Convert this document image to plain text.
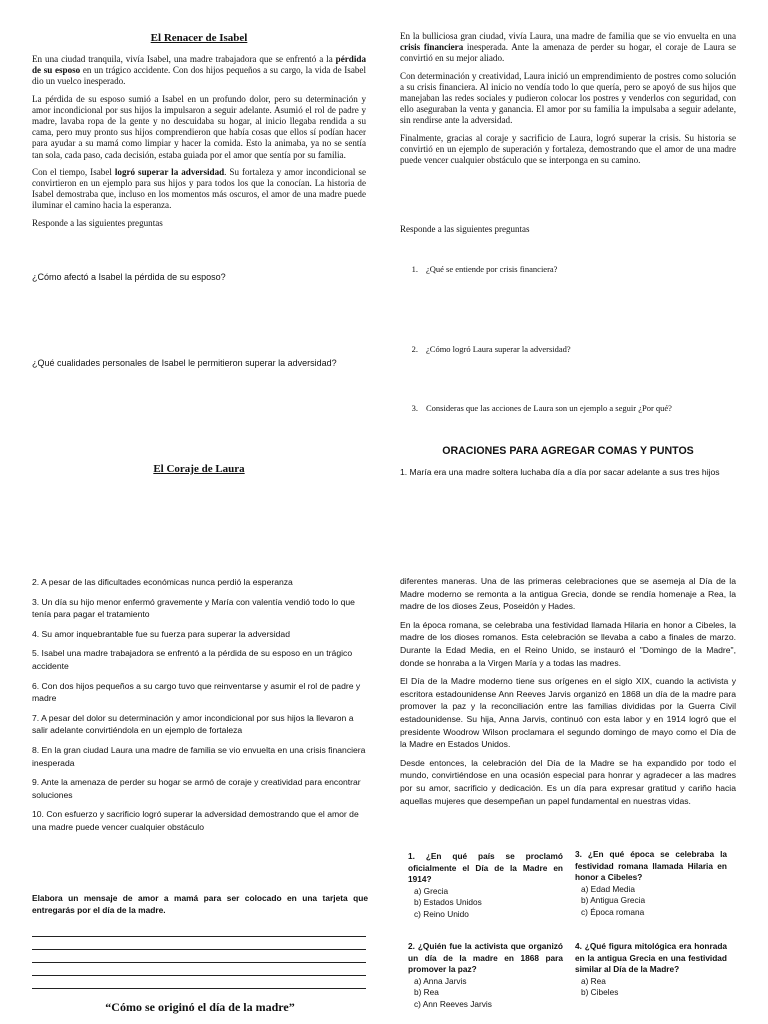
El Renacer de Isabel

En una ciudad tranquila, vivía Isabel, una madre trabajadora que se enfrentó a la pérdida de su esposo en un trágico accidente. Con dos hijos pequeños a su cargo, la vida de Isabel dio un vuelco inesperado.

La pérdida de su esposo sumió a Isabel en un profundo dolor, pero su determinación y amor incondicional por sus hijos la impulsaron a seguir adelante. Asumió el rol de padre y madre, lavaba ropa de la gente y no descuidaba su hogar, al inicio llegaba rendida a su cama, pero muy pronto sus hijos comprendieron que había cosas que ellos sí podían hacer para ayudar a su mamá como limpiar y hacer la comida. Esto la animaba, ya no se sentía tan sola, cada paso, cada decisión, estaba guiada por el amor que sentía por su familia.

Con el tiempo, Isabel logró superar la adversidad. Su fortaleza y amor incondicional se convirtieron en un ejemplo para sus hijos y para todos los que la conocían. La historia de Isabel demostraba que, incluso en los momentos más oscuros, el amor de una madre puede iluminar el camino hacia la esperanza.

Responde a las siguientes preguntas

¿Cómo afectó a Isabel la pérdida de su esposo?
¿Qué cualidades personales de Isabel le permitieron superar la adversidad?
El Coraje de Laura

En la bulliciosa gran ciudad, vivía Laura, una madre de familia que se vio envuelta en una crisis financiera inesperada. Ante la amenaza de perder su hogar, el coraje de Laura se convirtió en su mejor aliado.

Con determinación y creatividad, Laura inició un emprendimiento de postres como solución a su crisis financiera. Al inicio no vendía todo lo que quería, pero se apoyó de sus hijos que manejaban las redes sociales y pudieron colocar los postres y venderlos con seguridad, con ello aseguraban la venta y ganancia. El amor por su familia la impulsaba a seguir adelante, sin rendirse ante la adversidad.

Finalmente, gracias al coraje y sacrificio de Laura, logró superar la crisis. Su historia se convirtió en un ejemplo de superación y fortaleza, demostrando que el amor de una madre puede vencer cualquier obstáculo que se interponga en su camino.

Responde a las siguientes preguntas
1. ¿Qué se entiende por crisis financiera?
2. ¿Cómo logró Laura superar la adversidad?
3. Consideras que las acciones de Laura son un ejemplo a seguir ¿Por qué?
ORACIONES PARA AGREGAR COMAS Y PUNTOS
1. María era una madre soltera luchaba día a día por sacar adelante a sus tres hijos
2. A pesar de las dificultades económicas nunca perdió la esperanza
3. Un día su hijo menor enfermó gravemente y María con valentía vendió todo lo que tenía para pagar el tratamiento
4. Su amor inquebrantable fue su fuerza para superar la adversidad
5. Isabel una madre trabajadora se enfrentó a la pérdida de su esposo en un trágico accidente
6. Con dos hijos pequeños a su cargo tuvo que reinventarse y asumir el rol de padre y madre
7. A pesar del dolor su determinación y amor incondicional por sus hijos la llevaron a salir adelante convirtiéndola en un ejemplo de fortaleza
8. En la gran ciudad Laura una madre de familia se vio envuelta en una crisis financiera inesperada
9. Ante la amenaza de perder su hogar se armó de coraje y creatividad para encontrar soluciones
10. Con esfuerzo y sacrificio logró superar la adversidad demostrando que el amor de una madre puede vencer cualquier obstáculo
Elabora un mensaje de amor a mamá para ser colocado en una tarjeta que entregarás por el día de la madre.
“Cómo se originó el día de la madre”

diferentes maneras. Una de las primeras celebraciones que se asemeja al Día de la Madre moderno se remonta a la antigua Grecia, donde se rendía homenaje a Rea, la madre de los dioses Zeus, Poseidón y Hades.

En la época romana, se celebraba una festividad llamada Hilaria en honor a Cibeles, la madre de los dioses romanos. Esta celebración se llevaba a cabo a finales de marzo. Durante la Edad Media, en el Reino Unido, se instauró el "Domingo de la Madre", donde se honraba a la Virgen María y a todas las madres.

El Día de la Madre moderno tiene sus orígenes en el siglo XIX, cuando la activista y escritora estadounidense Ann Reeves Jarvis organizó en 1868 un día de la madre para promover la paz y la reconciliación entre las familias divididas por la Guerra Civil estadounidense. Su hija, Anna Jarvis, continuó con esta labor y en 1914 logró que el presidente Woodrow Wilson proclamara el segundo domingo de mayo como el Día de la Madre en Estados Unidos.

Desde entonces, la celebración del Día de la Madre se ha expandido por todo el mundo, convirtiéndose en una ocasión especial para honrar y agradecer a las madres por su amor, sacrificio y dedicación. Es un día para expresar gratitud y cariño hacia aquellas mujeres que desempeñan un papel fundamental en nuestras vidas.

1. ¿En qué país se proclamó oficialmente el Día de la Madre en 1914?
a) Grecia
b) Estados Unidos
c) Reino Unido
3. ¿En qué época se celebraba la festividad romana llamada Hilaria en honor a Cibeles?
a) Edad Media
b) Antigua Grecia
c) Época romana
2. ¿Quién fue la activista que organizó un día de la madre en 1868 para promover la paz?
a) Anna Jarvis
b) Rea
c) Ann Reeves Jarvis
4. ¿Qué figura mitológica era honrada en la antigua Grecia en una festividad similar al Día de la Madre?
a) Rea
b) Cibeles
